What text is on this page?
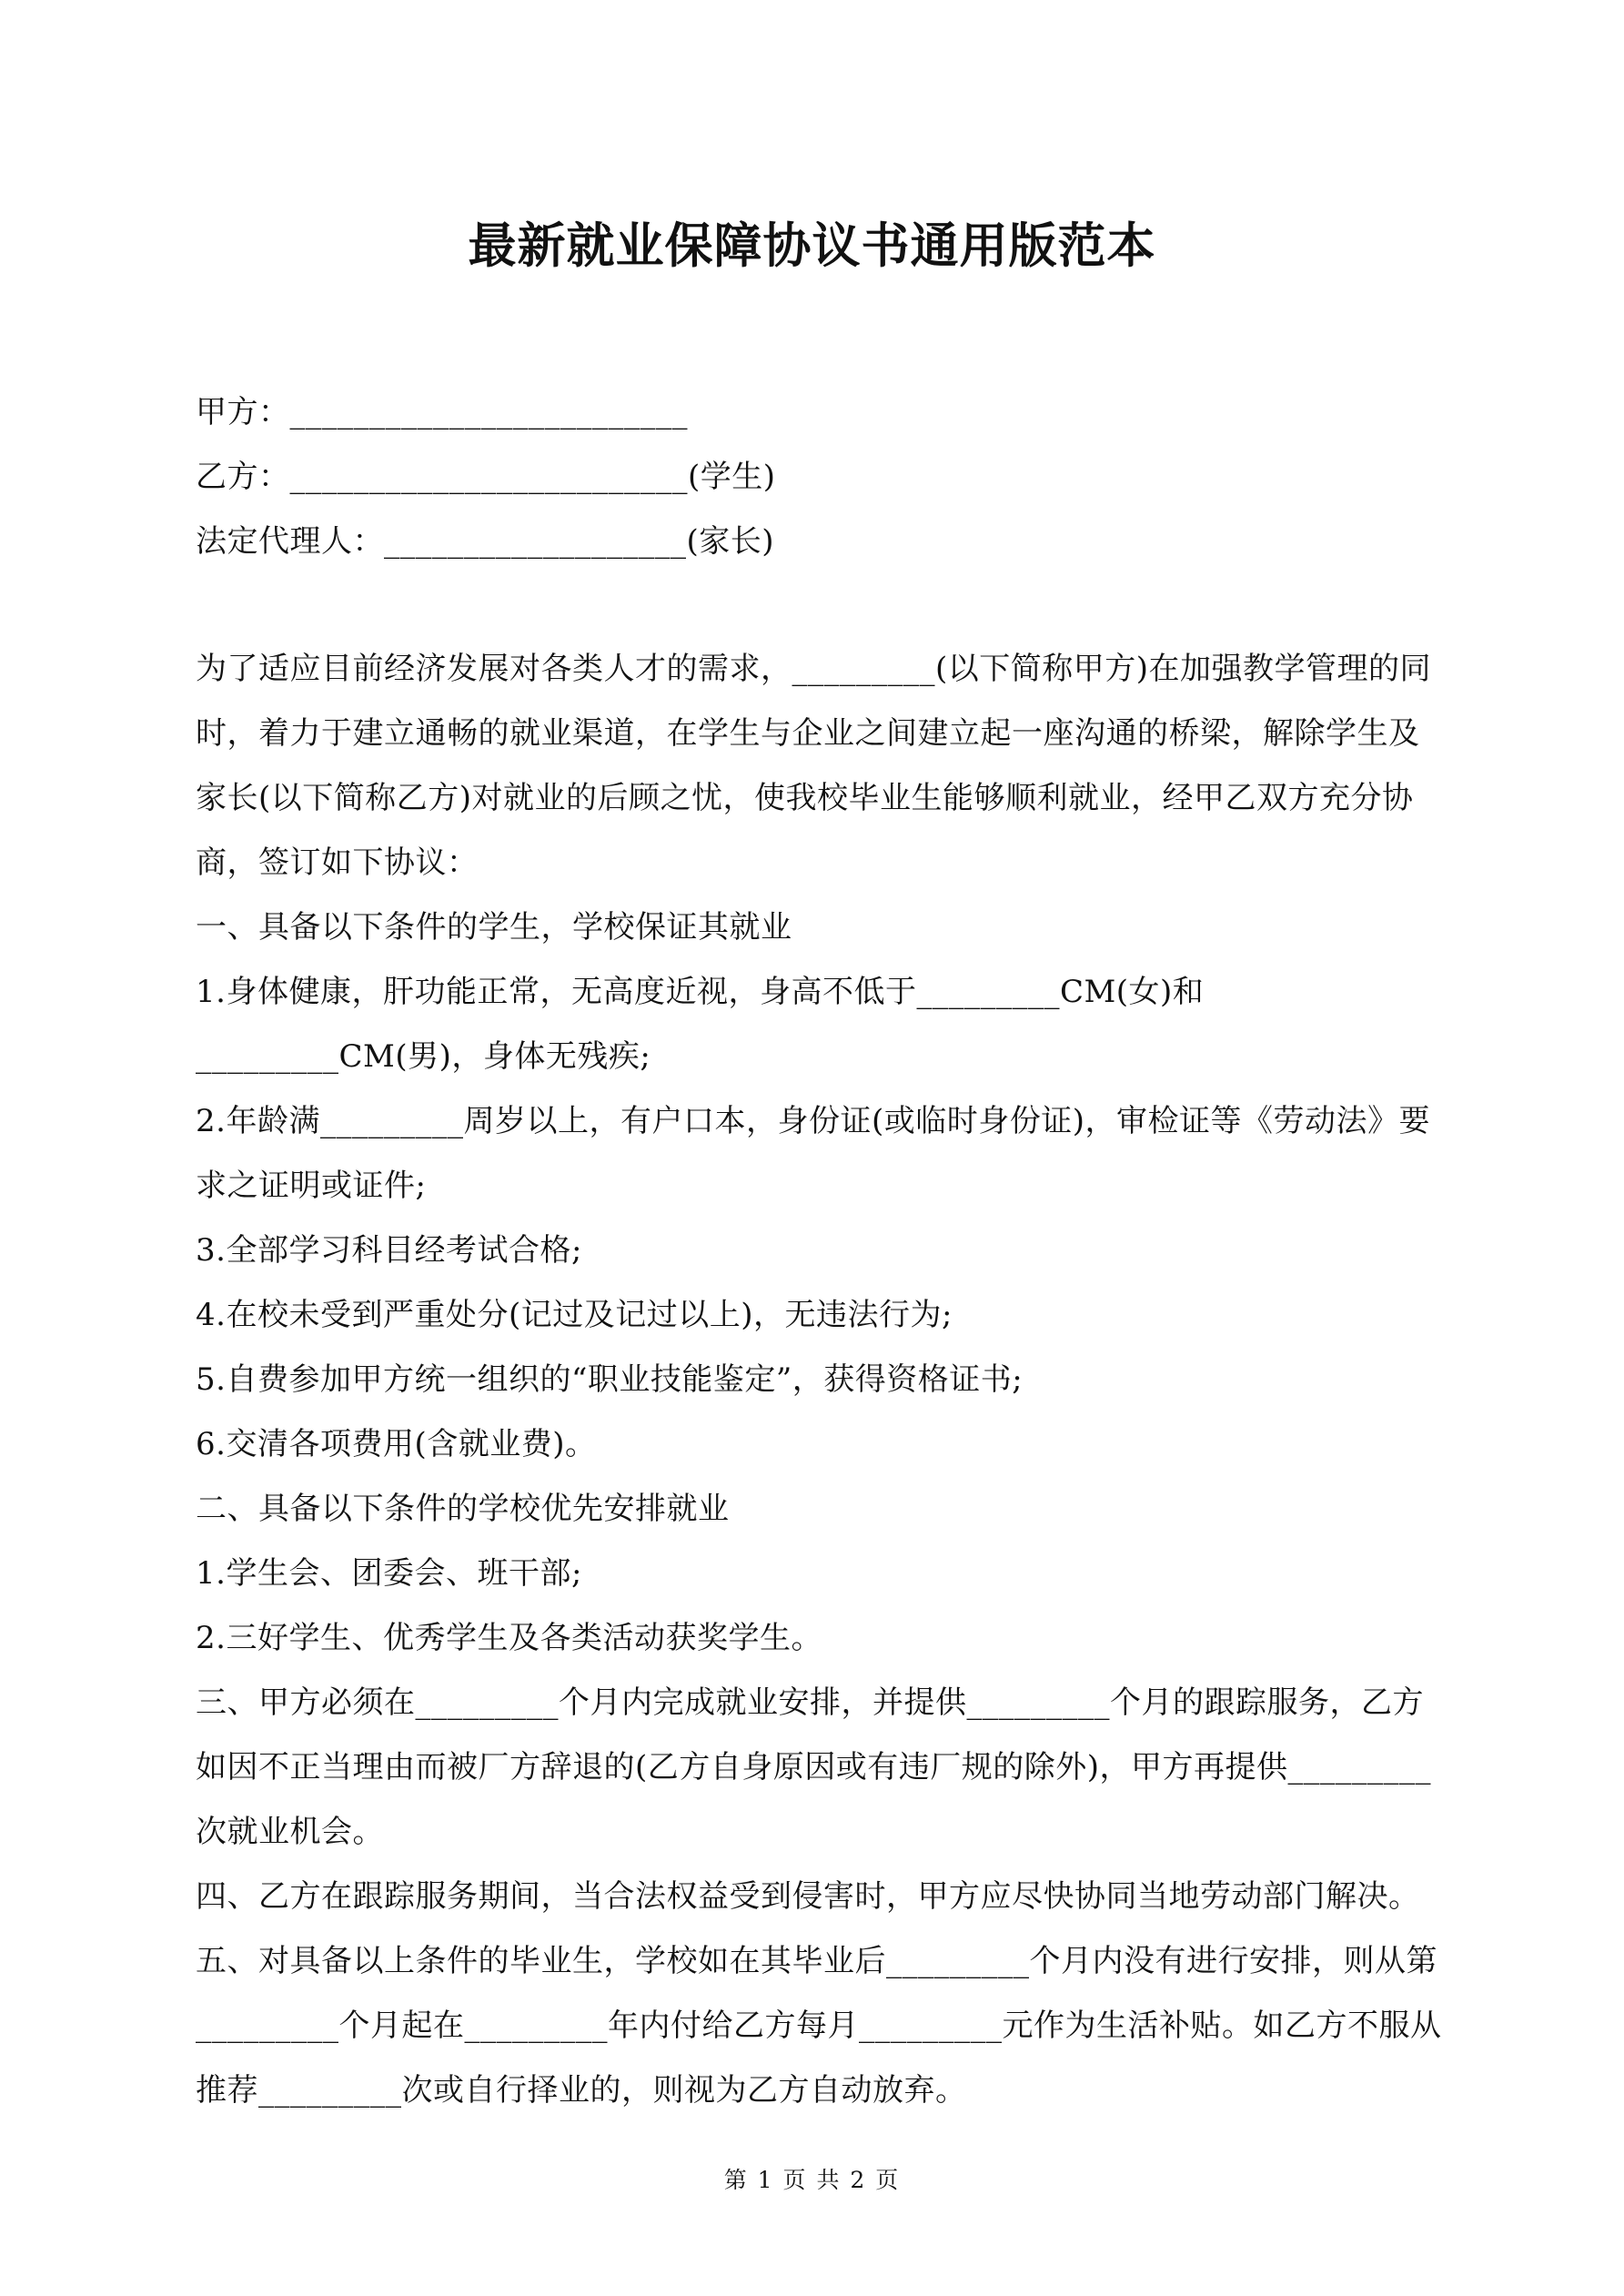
最新就业保障协议书通用版范本
甲方：_________________________
乙方：_________________________(学生)
法定代理人：___________________(家长)
为了适应目前经济发展对各类人才的需求，_________(以下简称甲方)在加强教学管理的同时，着力于建立通畅的就业渠道，在学生与企业之间建立起一座沟通的桥梁，解除学生及家长(以下简称乙方)对就业的后顾之忧，使我校毕业生能够顺利就业，经甲乙双方充分协商，签订如下协议：
一、具备以下条件的学生，学校保证其就业
1.身体健康，肝功能正常，无高度近视，身高不低于_________CM(女)和_________CM(男)，身体无残疾;
2.年龄满_________周岁以上，有户口本，身份证(或临时身份证)，审检证等《劳动法》要求之证明或证件;
3.全部学习科目经考试合格;
4.在校未受到严重处分(记过及记过以上)，无违法行为;
5.自费参加甲方统一组织的“职业技能鉴定”，获得资格证书;
6.交清各项费用(含就业费)。
二、具备以下条件的学校优先安排就业
1.学生会、团委会、班干部;
2.三好学生、优秀学生及各类活动获奖学生。
三、甲方必须在_________个月内完成就业安排，并提供_________个月的跟踪服务，乙方如因不正当理由而被厂方辞退的(乙方自身原因或有违厂规的除外)，甲方再提供_________次就业机会。
四、乙方在跟踪服务期间，当合法权益受到侵害时，甲方应尽快协同当地劳动部门解决。
五、对具备以上条件的毕业生，学校如在其毕业后_________个月内没有进行安排，则从第_________个月起在_________年内付给乙方每月_________元作为生活补贴。如乙方不服从推荐_________次或自行择业的，则视为乙方自动放弃。
第 1 页 共 2 页
